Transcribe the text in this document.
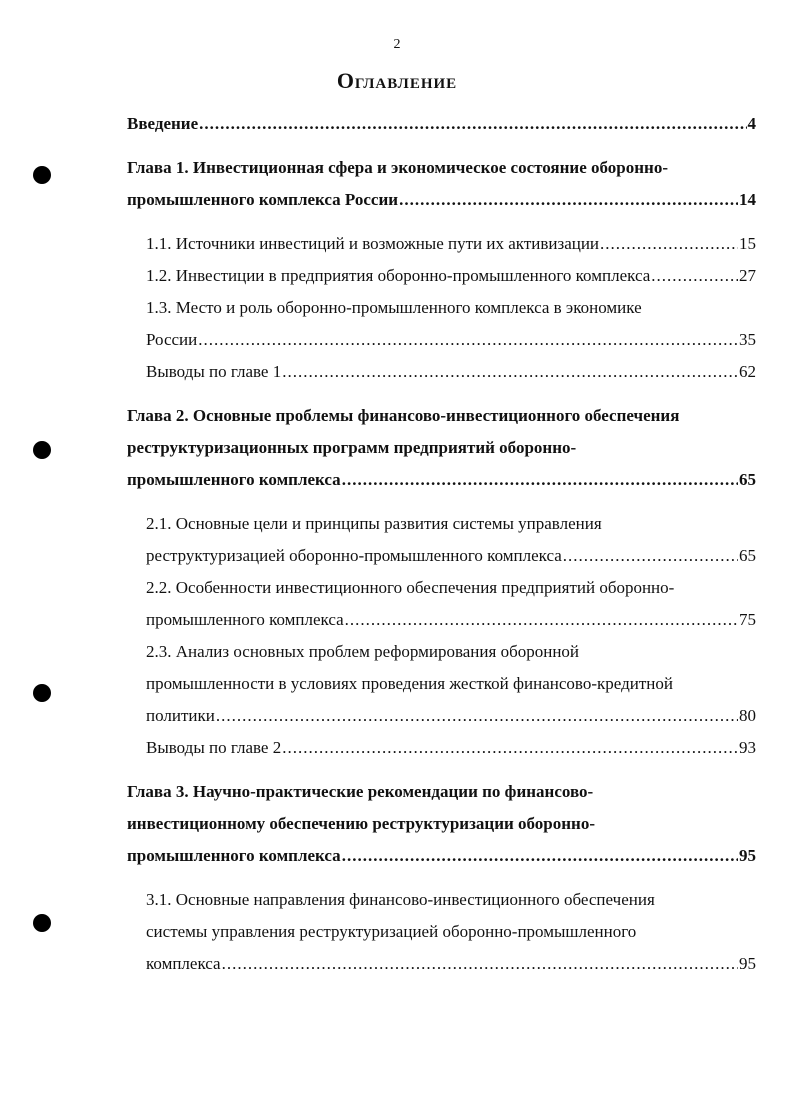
2
Оглавление
Введение .....	4
Глава 1. Инвестиционная сфера и экономическое состояние оборонно-
промышленного комплекса России .....	14
1.1. Источники инвестиций и возможные пути их активизации .....	15
1.2. Инвестиции в предприятия оборонно-промышленного комплекса .....	27
1.3. Место и роль оборонно-промышленного комплекса в экономике
России .....	35
Выводы по главе 1 .....	62
Глава 2. Основные проблемы финансово-инвестиционного обеспечения
реструктуризационных программ предприятий оборонно-
промышленного комплекса .....	65
2.1. Основные цели и принципы развития системы управления
реструктуризацией оборонно-промышленного комплекса .....	65
2.2. Особенности инвестиционного обеспечения предприятий оборонно-
промышленного комплекса .....	75
2.3. Анализ основных проблем реформирования оборонной
промышленности в условиях проведения жесткой финансово-кредитной
политики .....	80
Выводы по главе 2 .....	93
Глава 3. Научно-практические рекомендации по финансово-
инвестиционному обеспечению реструктуризации оборонно-
промышленного комплекса .....	95
3.1. Основные направления финансово-инвестиционного обеспечения
системы управления реструктуризацией оборонно-промышленного
комплекса .....	95
